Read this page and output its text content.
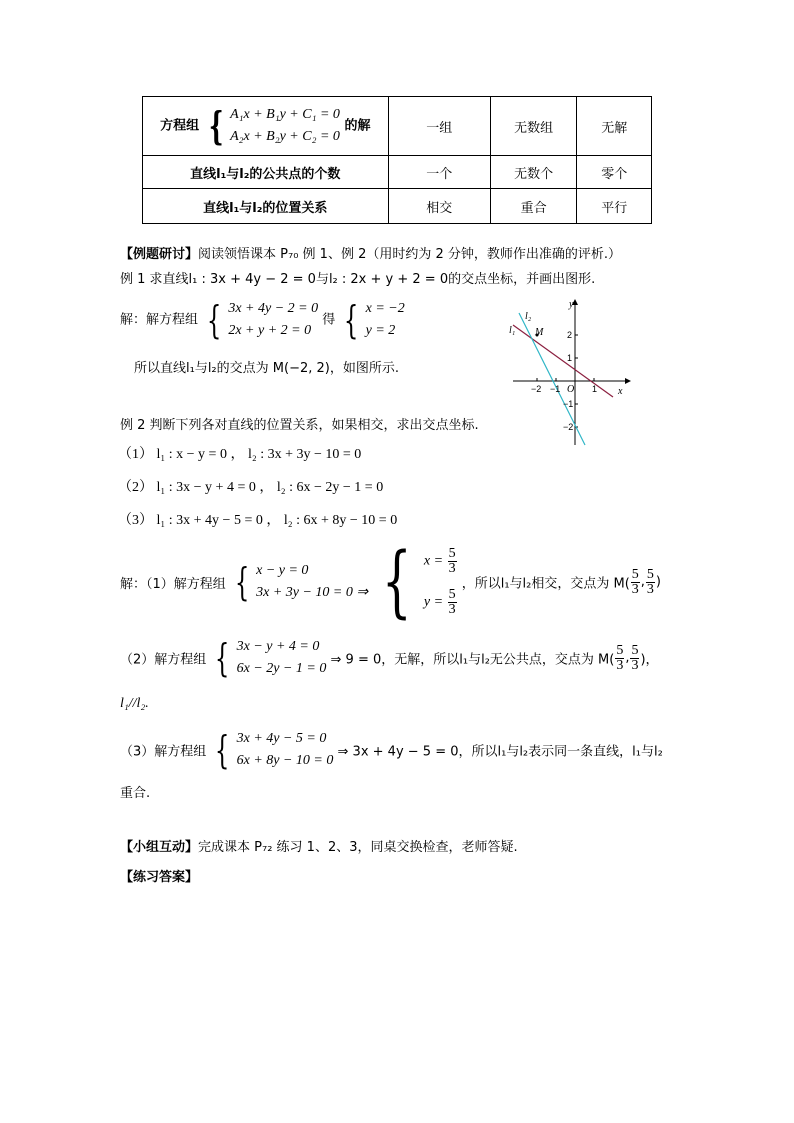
方程组 { A₁x + B₁y + C₁ = 0
A₂x + B₂y + C₂ = 0
的解	一组	无数组	无解
直线l₁与l₂的公共点的个数	一个	无数个	零个
直线l₁与l₂的位置关系	相交	重合	平行
【例题研讨】阅读领悟课本 P₇₀ 例 1、例 2（用时约为 2 分钟，教师作出准确的评析.）
例 1 求直线l₁ : 3x + 4y − 2 = 0与l₂ : 2x + y + 2 = 0的交点坐标，并画出图形.
解：解方程组 { 3x + 4y − 2 = 0
2x + y + 2 = 0
得 { x = −2
y = 2
所以直线l₁与l₂的交点为 M(−2, 2)，如图所示.
例 2 判断下列各对直线的位置关系，如果相交，求出交点坐标.
（1） l₁ : x − y = 0 ， l₂ : 3x + 3y − 10 = 0
（2） l₁ : 3x − y + 4 = 0 ， l₂ : 6x − 2y − 1 = 0
（3） l₁ : 3x + 4y − 5 = 0 ， l₂ : 6x + 8y − 10 = 0
解：（1）解方程组 { x − y = 0
3x + 3y − 10 = 0 ⇒
{ $x = \frac{5}{3}$
$y = \frac{5}{3}$
，所以l₁与l₂相交，交点为 $M( \frac{5}{3}$ , $\frac{5}{3}$ )
（2）解方程组 { 3x − y + 4 = 0
6x − 2y − 1 = 0
⇒ 9 = 0，无解，所以l₁与l₂无公共点，交点为 $M( \frac{5}{3}$ , $\frac{5}{3}$ )，
l₁//l₂.
（3）解方程组 { 3x + 4y − 5 = 0
6x + 8y − 10 = 0
⇒ 3x + 4y − 5 = 0，所以l₁与l₂表示同一条直线，l₁与l₂
重合.
【小组互动】完成课本 P₇₂ 练习 1、2、3，同桌交换检查，老师答疑.
【练习答案】
y
x
O
l₁
l₂
M
−2 −1	1
2
1
−1
−2
